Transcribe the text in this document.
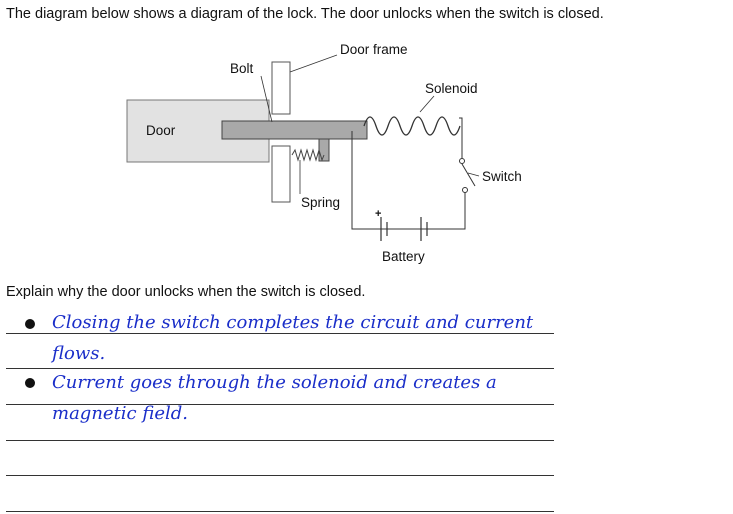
The diagram below shows a diagram of the lock. The door unlocks when the switch is closed.

Door frame
Bolt
Solenoid
Door
Switch
Spring
+
Battery

Explain why the door unlocks when the switch is closed.

Closing the switch completes the circuit and current

flows.

Current goes through the solenoid and creates a

magnetic field.
